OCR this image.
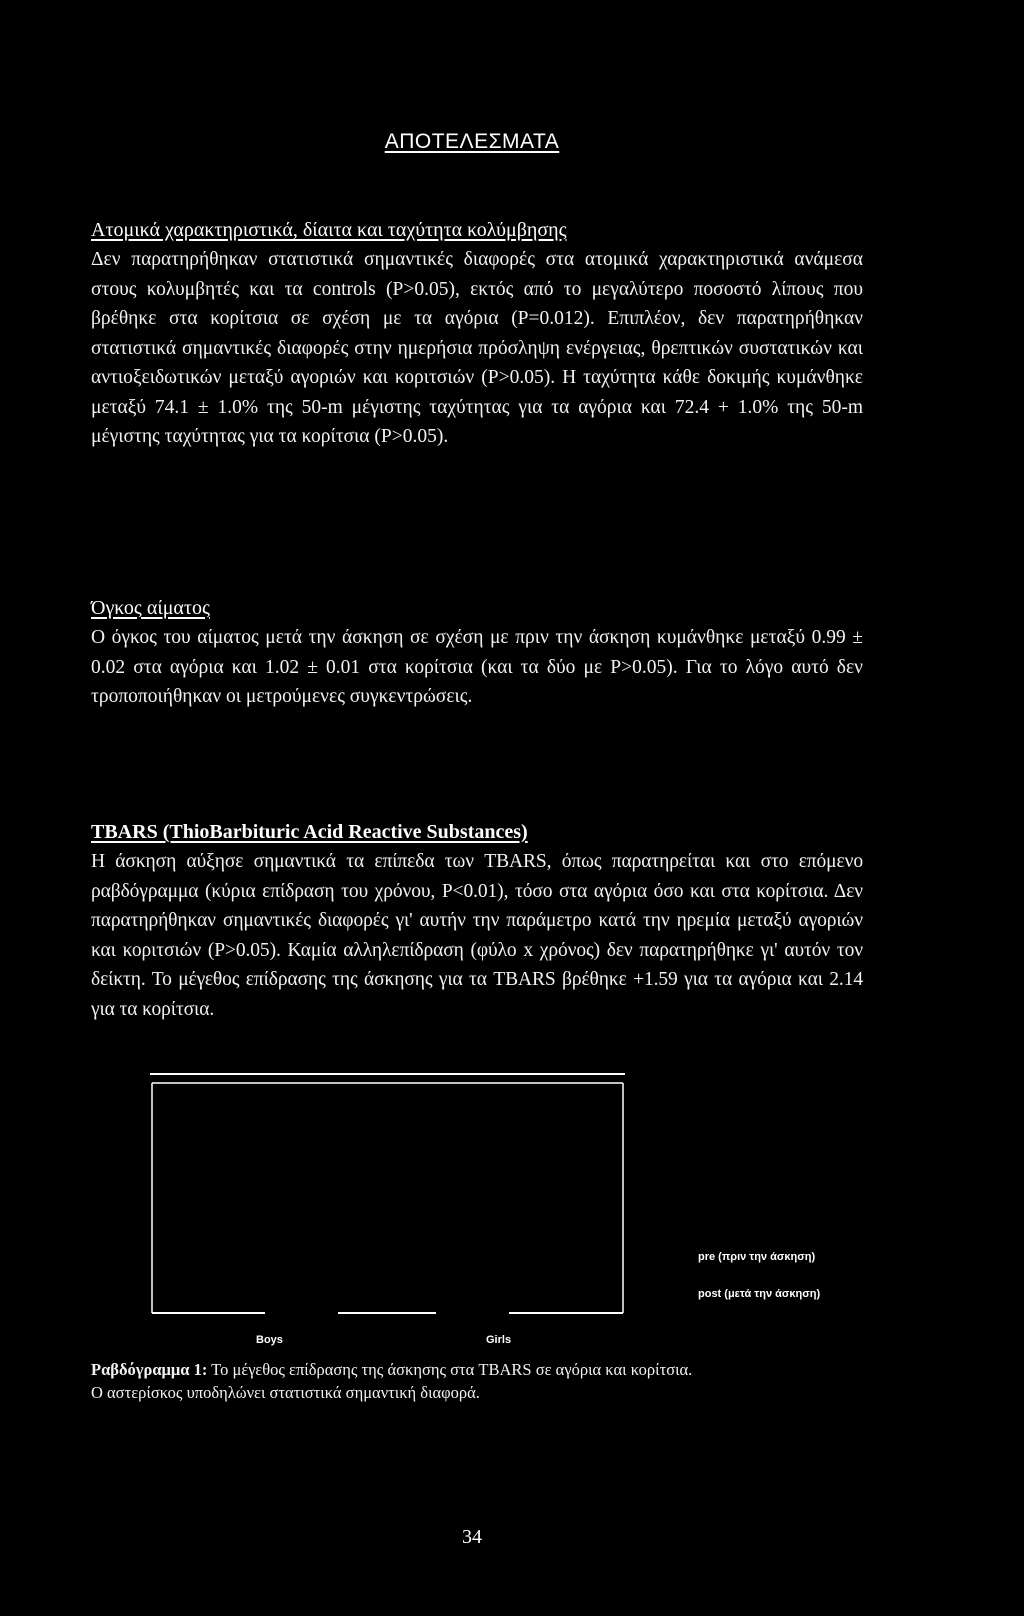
ΑΠΟΤΕΛΕΣΜΑΤΑ
Ατομικά χαρακτηριστικά, δίαιτα και ταχύτητα κολύμβησης

Δεν παρατηρήθηκαν στατιστικά σημαντικές διαφορές στα ατομικά χαρακτηριστικά ανάμεσα στους κολυμβητές και τα controls (P>0.05), εκτός από το μεγαλύτερο ποσοστό λίπους που βρέθηκε στα κορίτσια σε σχέση με τα αγόρια (P=0.012). Επιπλέον, δεν παρατηρήθηκαν στατιστικά σημαντικές διαφορές στην ημερήσια πρόσληψη ενέργειας, θρεπτικών συστατικών και αντιοξειδωτικών μεταξύ αγοριών και κοριτσιών (P>0.05). Η ταχύτητα κάθε δοκιμής κυμάνθηκε μεταξύ 74.1 ± 1.0% της 50-m μέγιστης ταχύτητας για τα αγόρια και 72.4 + 1.0% της 50-m μέγιστης ταχύτητας για τα κορίτσια (P>0.05).

Όγκος αίματος

Ο όγκος του αίματος μετά την άσκηση σε σχέση με πριν την άσκηση κυμάνθηκε μεταξύ 0.99 ± 0.02 στα αγόρια και 1.02 ± 0.01 στα κορίτσια (και τα δύο με P>0.05). Για το λόγο αυτό δεν τροποποιήθηκαν οι μετρούμενες συγκεντρώσεις.

TBARS (ThioBarbituric Acid Reactive Substances)

Η άσκηση αύξησε σημαντικά τα επίπεδα των TBARS, όπως παρατηρείται και στο επόμενο ραβδόγραμμα (κύρια επίδραση του χρόνου, P<0.01), τόσο στα αγόρια όσο και στα κορίτσια. Δεν παρατηρήθηκαν σημαντικές διαφορές γι' αυτήν την παράμετρο κατά την ηρεμία μεταξύ αγοριών και κοριτσιών (P>0.05). Καμία αλληλεπίδραση (φύλο x χρόνος) δεν παρατηρήθηκε γι' αυτόν τον δείκτη. Το μέγεθος επίδρασης της άσκησης για τα TBARS βρέθηκε +1.59 για τα αγόρια και 2.14 για τα κορίτσια.

pre (πριν την άσκηση)
post (μετά την άσκηση)
Boys	Girls

Ραβδόγραμμα 1: Το μέγεθος επίδρασης της άσκησης στα TBARS σε αγόρια και κορίτσια.
Ο αστερίσκος υποδηλώνει στατιστικά σημαντική διαφορά.

34
